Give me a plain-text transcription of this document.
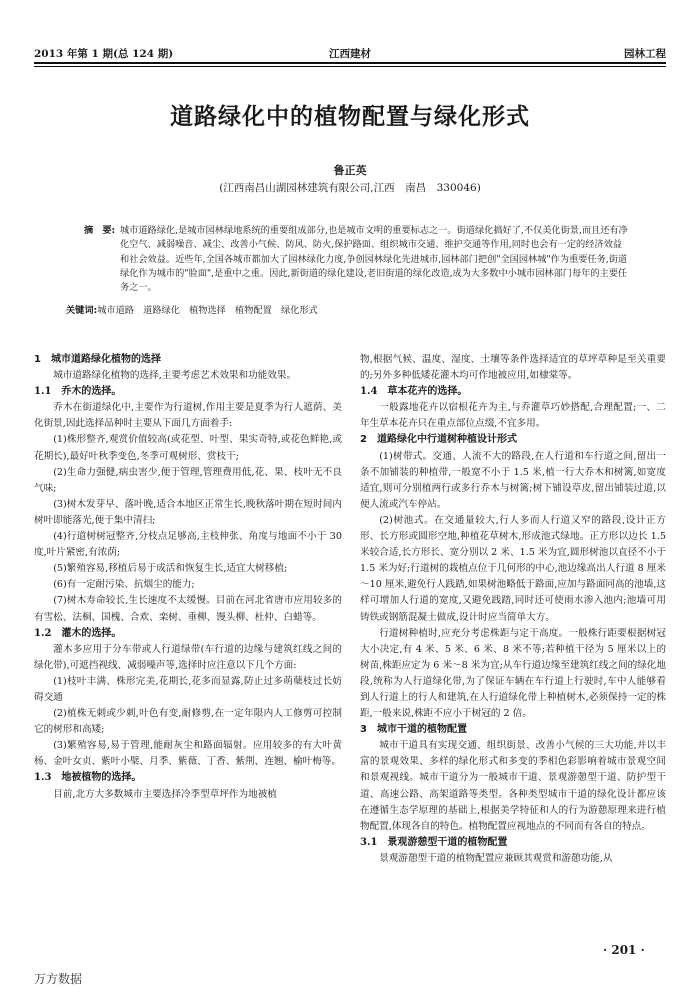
2013 年第 1 期(总 124 期)	江西建材	园林工程
道路绿化中的植物配置与绿化形式
鲁正英
(江西南昌山湖园林建筑有限公司,江西　南昌　330046)
摘　要: 城市道路绿化,是城市园林绿地系统的重要组成部分,也是城市文明的重要标志之一。街道绿化搞好了,不仅美化街景,而且还有净化空气、减弱噪音、减尘、改善小气候、防风、防火,保护路面、组织城市交通、维护交通等作用,同时也会有一定的经济效益和社会效益。近些年,全国各城市都加大了园林绿化力度,争创园林绿化先进城市,园林部门把创"全国园林城"作为重要任务,街道绿化作为城市的"脸面",是重中之重。因此,新街道的绿化建设,老旧街道的绿化改造,成为大多数中小城市园林部门每年的主要任务之一。
关键词:城市道路　道路绿化　植物选择　植物配置　绿化形式
1　城市道路绿化植物的选择

城市道路绿化植物的选择,主要考虑艺术效果和功能效果。

1.1　乔木的选择。

乔木在街道绿化中,主要作为行道树,作用主要是夏季为行人遮荫、美化街景,因此选择品种时主要从下面几方面着手:

(1)株形整齐,观赏价值较高(或花型、叶型、果实奇特,或花色鲜艳,或花期长),最好叶秋季变色,冬季可观树形、赏枝干;

(2)生命力强健,病虫害少,便于管理,管理费用低,花、果、枝叶无不良气味;

(3)树木发芽早、落叶晚,适合本地区正常生长,晚秋落叶期在短时间内树叶即能落光,便于集中清扫;

(4)行道树树冠整齐,分枝点足够高,主枝伸张、角度与地面不小于 30 度,叶片紧密,有浓荫;

(5)繁殖容易,移植后易于成活和恢复生长,适宜大树移植;

(6)有一定耐污染、抗烟尘的能力;

(7)树木寿命较长,生长速度不太缓慢。目前在河北省唐市应用较多的有雪松、法桐、国槐、合欢、栾树、垂柳、馒头柳、杜仲、白蜡等。

1.2　灌木的选择。

灌木多应用于分车带或人行道绿带(车行道的边缘与建筑红线之间的绿化带),可遮挡视线、减弱噪声等,选择时应注意以下几个方面:

(1)枝叶丰满、株形完美,花期长,花多而显露,防止过多萌蘖枝过长妨碍交通

(2)植株无刺或少刺,叶色有变,耐修剪,在一定年限内人工修剪可控制它的树形和高矮;

(3)繁殖容易,易于管理,能耐灰尘和路面辐射。应用较多的有大叶黄杨、金叶女贞、紫叶小檗、月季、紫薇、丁香、紫荆、连翘、榆叶梅等。

1.3　地被植物的选择。

目前,北方大多数城市主要选择冷季型草坪作为地被植

物,根据气候、温度、湿度、土壤等条件选择适宜的草坪草种是至关重要的;另外多种低矮花灌木均可作地被应用,如棣棠等。

1.4　草本花卉的选择。

一般露地花卉以宿根花卉为主,与乔灌草巧妙搭配,合理配置;一、二年生草本花卉只在重点部位点缀,不宜多用。

2　道路绿化中行道树种植设计形式

(1)树带式。交通、人流不大的路段,在人行道和车行道之间,留出一条不加铺装的种植带,一般宽不小于 1.5 米,植一行大乔木和树篱,如宽度适宜,则可分别植两行或多行乔木与树篱;树下铺设草皮,留出铺装过道,以便人流或汽车停站。

(2)树池式。在交通量较大,行人多而人行道又窄的路段,设计正方形、长方形或圆形空地,种植花草树木,形成池式绿地。正方形以边长 1.5 米较合适,长方形长、宽分别以 2 米、1.5 米为宜,圆形树池以直径不小于 1.5 米为好;行道树的栽植点位于几何形的中心,池边缘高出人行道 8 厘米～10 厘米,避免行人践踏,如果树池略低于路面,应加与路面同高的池墙,这样可增加人行道的宽度,又避免践踏,同时还可使雨水渗入池内;池墙可用铸铁或钢筋混凝土做成,设计时应当简单大方。

行道树种植时,应充分考虑株距与定干高度。一般株行距要根据树冠大小决定,有 4 米、5 米、6 米、8 米不等;若种植干径为 5 厘米以上的树苗,株距应定为 6 米～8 米为宜;从车行道边缘至建筑红线之间的绿化地段,统称为人行道绿化带,为了保证车辆在车行道上行驶时,车中人能够看到人行道上的行人和建筑,在人行道绿化带上种植树木,必须保持一定的株距,一般来说,株距不应小于树冠的 2 倍。

3　城市干道的植物配置

城市干道具有实现交通、组织街景、改善小气候的三大功能,并以丰富的景观效果、多样的绿化形式和多变的季相色彩影响着城市景观空间和景观视线。城市干道分为一般城市干道、景观游憩型干道、防护型干道、高速公路、高架道路等类型。各种类型城市干道的绿化设计都应该在遵循生态学原理的基础上,根据美学特征和人的行为游憩原理来进行植物配置,体现各自的特色。植物配置应视地点的不同而有各自的特点。

3.1　景观游憩型干道的植物配置

景观游憩型干道的植物配置应兼顾其观赏和游憩功能,从

· 201 ·
万方数据
